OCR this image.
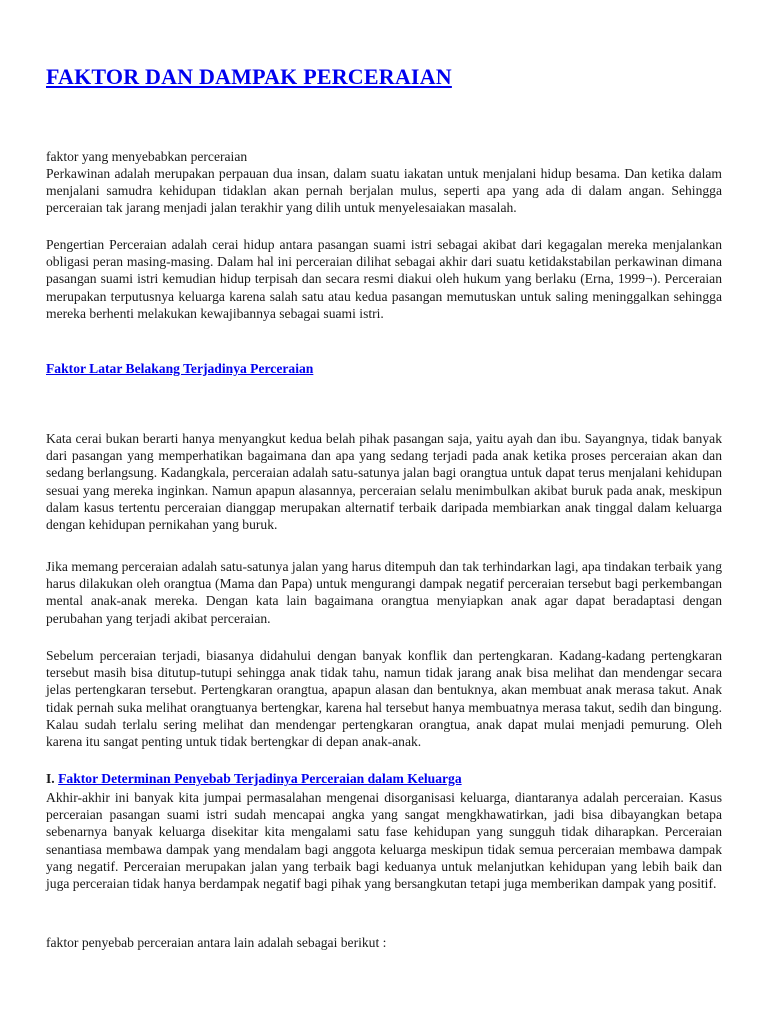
FAKTOR DAN DAMPAK PERCERAIAN

faktor yang menyebabkan perceraian

Perkawinan adalah merupakan perpauan dua insan, dalam suatu iakatan untuk menjalani hidup besama. Dan ketika dalam menjalani samudra kehidupan tidaklan akan pernah berjalan mulus, seperti apa yang ada di dalam angan. Sehingga perceraian tak jarang menjadi jalan terakhir yang dilih untuk menyelesaiakan masalah.

Pengertian Perceraian adalah cerai hidup antara pasangan suami istri sebagai akibat dari kegagalan mereka menjalankan obligasi peran masing-masing. Dalam hal ini perceraian dilihat sebagai akhir dari suatu ketidakstabilan perkawinan dimana pasangan suami istri kemudian hidup terpisah dan secara resmi diakui oleh hukum yang berlaku (Erna, 1999¬). Perceraian merupakan terputusnya keluarga karena salah satu atau kedua pasangan memutuskan untuk saling meninggalkan sehingga mereka berhenti melakukan kewajibannya sebagai suami istri.

Faktor Latar Belakang Terjadinya Perceraian

Kata cerai bukan berarti hanya menyangkut kedua belah pihak pasangan saja, yaitu ayah dan ibu. Sayangnya, tidak banyak dari pasangan yang memperhatikan bagaimana dan apa yang sedang terjadi pada anak ketika proses perceraian akan dan sedang berlangsung. Kadangkala, perceraian adalah satu-satunya jalan bagi orangtua untuk dapat terus menjalani kehidupan sesuai yang mereka inginkan. Namun apapun alasannya, perceraian selalu menimbulkan akibat buruk pada anak, meskipun dalam kasus tertentu perceraian dianggap merupakan alternatif terbaik daripada membiarkan anak tinggal dalam keluarga dengan kehidupan pernikahan yang buruk.

Jika memang perceraian adalah satu-satunya jalan yang harus ditempuh dan tak terhindarkan lagi, apa tindakan terbaik yang harus dilakukan oleh orangtua (Mama dan Papa) untuk mengurangi dampak negatif perceraian tersebut bagi perkembangan mental anak-anak mereka. Dengan kata lain bagaimana orangtua menyiapkan anak agar dapat beradaptasi dengan perubahan yang terjadi akibat perceraian.

Sebelum perceraian terjadi, biasanya didahului dengan banyak konflik dan pertengkaran. Kadang-kadang pertengkaran tersebut masih bisa ditutup-tutupi sehingga anak tidak tahu, namun tidak jarang anak bisa melihat dan mendengar secara jelas pertengkaran tersebut. Pertengkaran orangtua, apapun alasan dan bentuknya, akan membuat anak merasa takut. Anak tidak pernah suka melihat orangtuanya bertengkar, karena hal tersebut hanya membuatnya merasa takut, sedih dan bingung. Kalau sudah terlalu sering melihat dan mendengar pertengkaran orangtua, anak dapat mulai menjadi pemurung. Oleh karena itu sangat penting untuk tidak bertengkar di depan anak-anak.

I. Faktor Determinan Penyebab Terjadinya Perceraian dalam Keluarga

Akhir-akhir ini banyak kita jumpai permasalahan mengenai disorganisasi keluarga, diantaranya adalah perceraian. Kasus perceraian pasangan suami istri sudah mencapai angka yang sangat mengkhawatirkan, jadi bisa dibayangkan betapa sebenarnya banyak keluarga disekitar kita mengalami satu fase kehidupan yang sungguh tidak diharapkan. Perceraian senantiasa membawa dampak yang mendalam bagi anggota keluarga meskipun tidak semua perceraian membawa dampak yang negatif. Perceraian merupakan jalan yang terbaik bagi keduanya untuk melanjutkan kehidupan yang lebih baik dan juga perceraian tidak hanya berdampak negatif bagi pihak yang bersangkutan tetapi juga memberikan dampak yang positif.

faktor penyebab perceraian antara lain adalah sebagai berikut :
